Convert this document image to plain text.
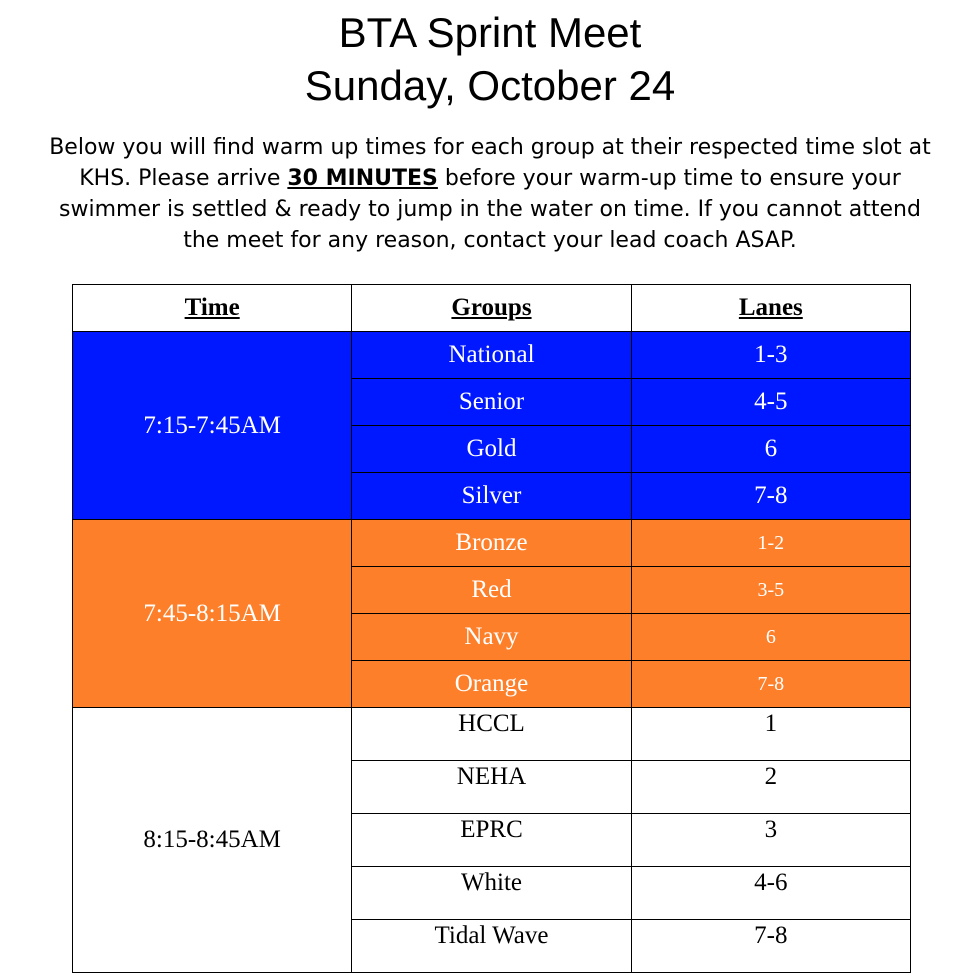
BTA Sprint Meet
Sunday, October 24
Below you will find warm up times for each group at their respected time slot at
KHS. Please arrive 30 MINUTES before your warm-up time to ensure your
swimmer is settled & ready to jump in the water on time. If you cannot attend
the meet for any reason, contact your lead coach ASAP.
Time	Groups	Lanes
7:15-7:45AM	National	1-3
	Senior	4-5
	Gold	6
	Silver	7-8
7:45-8:15AM	Bronze	1-2
	Red	3-5
	Navy	6
	Orange	7-8
8:15-8:45AM	HCCL	1
	NEHA	2
	EPRC	3
	White	4-6
	Tidal Wave	7-8
